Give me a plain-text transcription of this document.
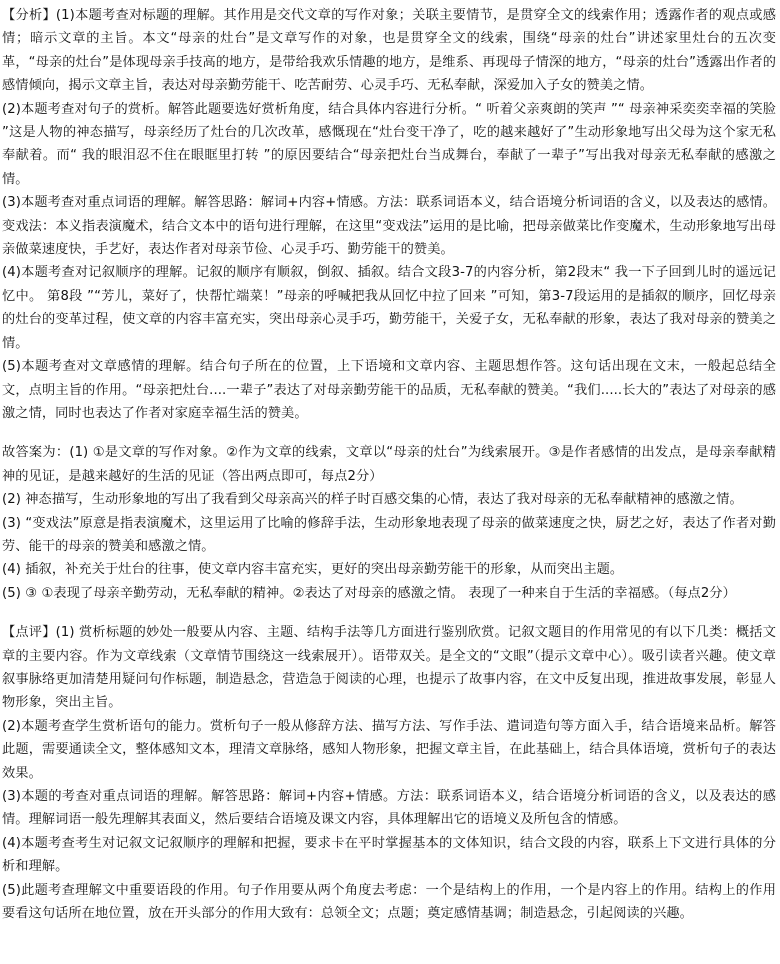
【分析】(1)本题考查对标题的理解。其作用是交代文章的写作对象；关联主要情节，是贯穿全文的线索作用；透露作者的观点或感情；暗示文章的主旨。本文“母亲的灶台”是文章写作的对象，也是贯穿全文的线索，围绕“母亲的灶台”讲述家里灶台的五次变革，“母亲的灶台”是体现母亲手技高的地方，是带给我欢乐情趣的地方，是维系、再现母子情深的地方，“母亲的灶台”透露出作者的感情倾向，揭示文章主旨，表达对母亲勤劳能干、吃苦耐劳、心灵手巧、无私奉献，深爱加入子女的赞美之情。

(2)本题考查对句子的赏析。解答此题要选好赏析角度，结合具体内容进行分析。“ 听着父亲爽朗的笑声 ”“ 母亲神采奕奕幸福的笑脸 ”这是人物的神态描写，母亲经历了灶台的几次改革，感慨现在“灶台变干净了，吃的越来越好了”生动形象地写出父母为这个家无私奉献着。而“ 我的眼泪忍不住在眼眶里打转 ”的原因要结合“母亲把灶台当成舞台，奉献了一辈子”写出我对母亲无私奉献的感激之情。

(3)本题考查对重点词语的理解。解答思路：解词+内容+情感。方法：联系词语本义，结合语境分析词语的含义，以及表达的感情。变戏法：本义指表演魔术，结合文本中的语句进行理解，在这里“变戏法”运用的是比喻，把母亲做菜比作变魔术，生动形象地写出母亲做菜速度快，手艺好，表达作者对母亲节俭、心灵手巧、勤劳能干的赞美。

(4)本题考查对记叙顺序的理解。记叙的顺序有顺叙，倒叙、插叙。结合文段3-7的内容分析，第2段末“ 我一下子回到儿时的遥远记忆中。 第8段 ”“芳儿，菜好了，快帮忙端菜！”母亲的呼喊把我从回忆中拉了回来 ”可知，第3-7段运用的是插叙的顺序，回忆母亲的灶台的变革过程，使文章的内容丰富充实，突出母亲心灵手巧，勤劳能干，关爱子女，无私奉献的形象，表达了我对母亲的赞美之情。

(5)本题考查对文章感情的理解。结合句子所在的位置，上下语境和文章内容、主题思想作答。这句话出现在文末，一般起总结全文，点明主旨的作用。“母亲把灶台....一辈子”表达了对母亲勤劳能干的品质，无私奉献的赞美。“我们.....长大的”表达了对母亲的感激之情，同时也表达了作者对家庭幸福生活的赞美。

故答案为：(1) ①是文章的写作对象。②作为文章的线索，文章以“母亲的灶台”为线索展开。③是作者感情的出发点，是母亲奉献精神的见证，是越来越好的生活的见证（答出两点即可，每点2分）

(2) 神态描写，生动形象地的写出了我看到父母亲高兴的样子时百感交集的心情，表达了我对母亲的无私奉献精神的感激之情。

(3) “变戏法”原意是指表演魔术，这里运用了比喻的修辞手法，生动形象地表现了母亲的做菜速度之快，厨艺之好，表达了作者对勤劳、能干的母亲的赞美和感激之情。

(4) 插叙，补充关于灶台的往事，使文章内容丰富充实，更好的突出母亲勤劳能干的形象，从而突出主题。

(5) ③ ①表现了母亲辛勤劳动，无私奉献的精神。②表达了对母亲的感激之情。 表现了一种来自于生活的幸福感。（每点2分）

【点评】(1) 赏析标题的妙处一般要从内容、主题、结构手法等几方面进行鉴别欣赏。记叙文题目的作用常见的有以下几类：概括文章的主要内容。作为文章线索（文章情节围绕这一线索展开）。语带双关。是全文的“文眼”（提示文章中心）。吸引读者兴趣。使文章叙事脉络更加清楚用疑问句作标题，制造悬念，营造急于阅读的心理，也提示了故事内容，在文中反复出现，推进故事发展，彰显人物形象，突出主旨。

(2)本题考查学生赏析语句的能力。赏析句子一般从修辞方法、描写方法、写作手法、遣词造句等方面入手，结合语境来品析。解答此题，需要通读全文，整体感知文本，理清文章脉络，感知人物形象，把握文章主旨，在此基础上，结合具体语境，赏析句子的表达效果。

(3)本题的考查对重点词语的理解。解答思路：解词+内容+情感。方法：联系词语本义，结合语境分析词语的含义，以及表达的感情。理解词语一般先理解其表面义，然后要结合语境及课文内容，具体理解出它的语境义及所包含的情感。

(4)本题考查考生对记叙文记叙顺序的理解和把握，要求卡在平时掌握基本的文体知识，结合文段的内容，联系上下文进行具体的分析和理解。

(5)此题考查理解文中重要语段的作用。句子作用要从两个角度去考虑：一个是结构上的作用，一个是内容上的作用。结构上的作用要看这句话所在地位置，放在开头部分的作用大致有：总领全文；点题；奠定感情基调；制造悬念，引起阅读的兴趣。
